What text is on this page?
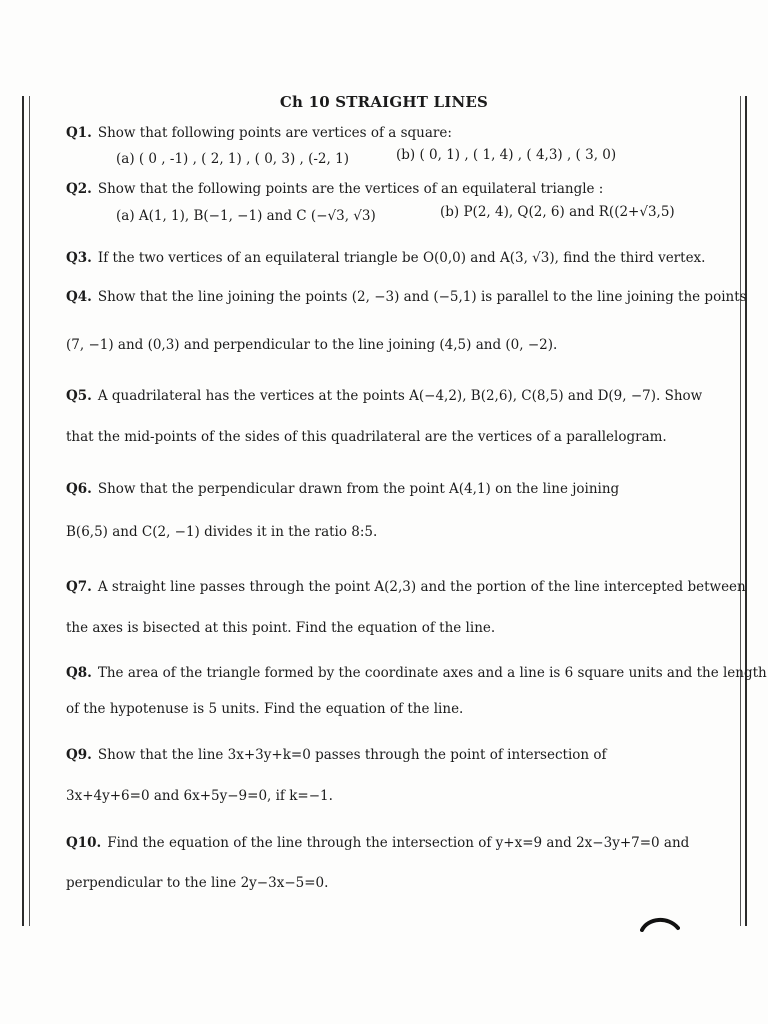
Ch 10 STRAIGHT LINES
Q1. Show that following points are vertices of a square:
(a) ( 0 , -1) , ( 2, 1) , ( 0, 3) , (-2, 1)	(b) ( 0, 1) , ( 1, 4) , ( 4,3) , ( 3, 0)
Q2. Show that the following points are the vertices of an equilateral triangle :
(a) A(1, 1), B(−1, −1) and C (−√3, √3)	(b) P(2, 4), Q(2, 6) and R((2+√3,5)
Q3. If the two vertices of an equilateral triangle be O(0,0) and A(3, √3), find the third vertex.
Q4. Show that the line joining the points (2, −3) and (−5,1) is parallel to the line joining the points
(7, −1) and (0,3) and perpendicular to the line joining (4,5) and (0, −2).
Q5. A quadrilateral has the vertices at the points A(−4,2), B(2,6), C(8,5) and D(9, −7). Show
that the mid-points of the sides of this quadrilateral are the vertices of a parallelogram.
Q6. Show that the perpendicular drawn from the point A(4,1) on the line joining
B(6,5) and C(2, −1) divides it in the ratio 8:5.
Q7. A straight line passes through the point A(2,3) and the portion of the line intercepted between
the axes is bisected at this point. Find the equation of the line.
Q8. The area of the triangle formed by the coordinate axes and a line is 6 square units and the length
of the hypotenuse is 5 units. Find the equation of the line.
Q9. Show that the line 3x+3y+k=0 passes through the point of intersection of
3x+4y+6=0 and 6x+5y−9=0, if k=−1.
Q10. Find the equation of the line through the intersection of y+x=9 and 2x−3y+7=0 and
perpendicular to the line 2y−3x−5=0.
